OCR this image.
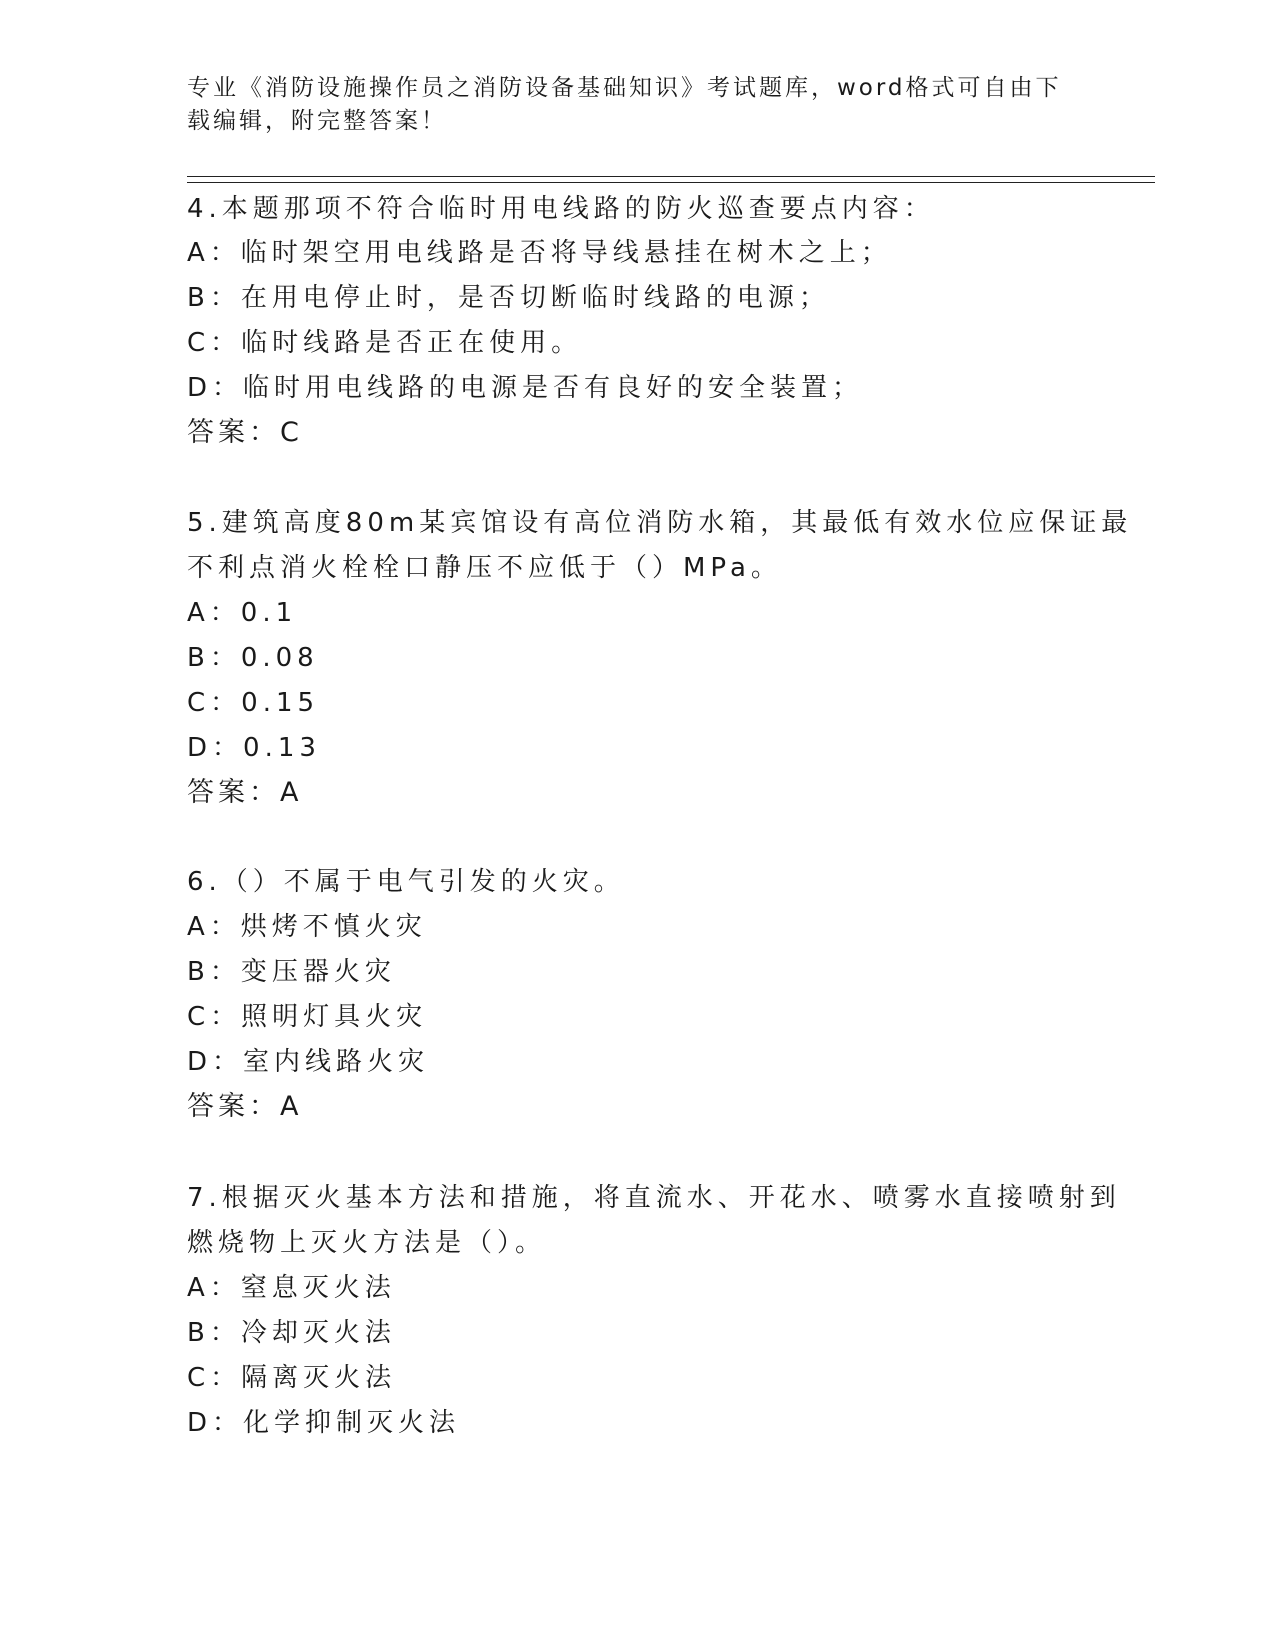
专业《消防设施操作员之消防设备基础知识》考试题库，word格式可自由下载编辑，附完整答案！

4.本题那项不符合临时用电线路的防火巡查要点内容：

A：临时架空用电线路是否将导线悬挂在树木之上；

B：在用电停止时，是否切断临时线路的电源；

C：临时线路是否正在使用。

D：临时用电线路的电源是否有良好的安全装置；

答案：C

5.建筑高度80m某宾馆设有高位消防水箱，其最低有效水位应保证最

不利点消火栓栓口静压不应低于（）MPa。

A：0.1

B：0.08

C：0.15

D：0.13

答案：A

6.（）不属于电气引发的火灾。

A：烘烤不慎火灾

B：变压器火灾

C：照明灯具火灾

D：室内线路火灾

答案：A

7.根据灭火基本方法和措施，将直流水、开花水、喷雾水直接喷射到

燃烧物上灭火方法是（）。

A：窒息灭火法

B：冷却灭火法

C：隔离灭火法

D：化学抑制灭火法
